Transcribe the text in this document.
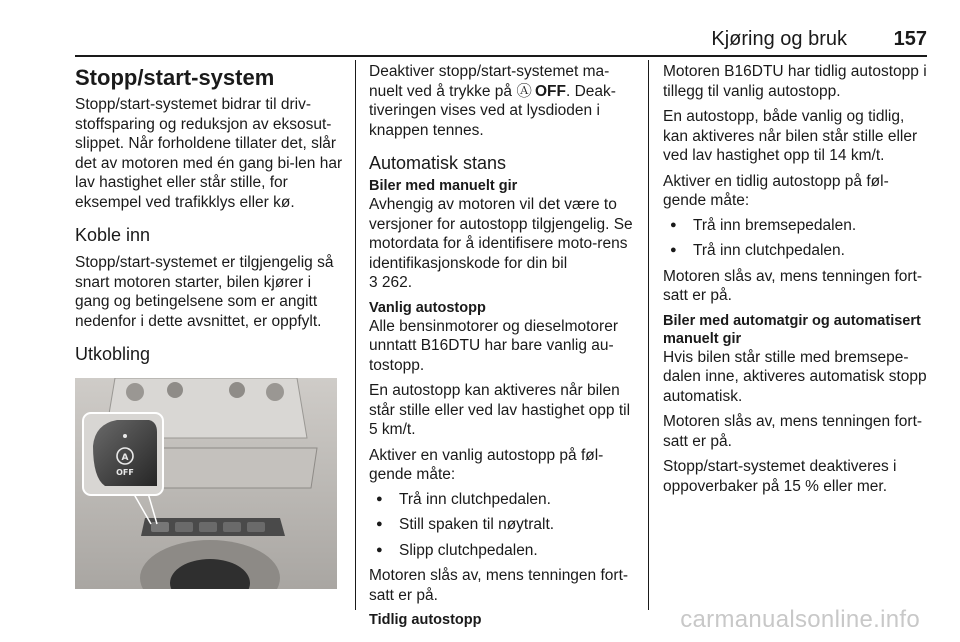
Kjøring og bruk 157
Stopp/start-system

Stopp/start-systemet bidrar til driv-stoffsparing og reduksjon av eksosut-slippet. Når forholdene tillater det, slår det av motoren med én gang bi-len har lav hastighet eller står stille, for eksempel ved trafikklys eller kø.

Koble inn

Stopp/start-systemet er tilgjengelig så snart motoren starter, bilen kjører i gang og betingelsene som er angitt nedenfor i dette avsnittet, er oppfylt.

Utkobling
A
OFF

Deaktiver stopp/start-systemet ma-nuelt ved å trykke på Ⓐ  OFF. Deak-tiveringen vises ved at lysdioden i knappen tennes.

Automatisk stans
Biler med manuelt gir

Avhengig av motoren vil det være to versjoner for autostopp tilgjengelig. Se motordata for å identifisere moto-rens identifikasjonskode for din bil

3 262.

Vanlig autostopp

Alle bensinmotorer og dieselmotorer unntatt B16DTU har bare vanlig au-tostopp.

En autostopp kan aktiveres når bilen står stille eller ved lav hastighet opp til 5 km/t.

Aktiver en vanlig autostopp på føl-gende måte:

● Trå inn clutchpedalen.
● Still spaken til nøytralt.
● Slipp clutchpedalen.

Motoren slås av, mens tenningen fort-satt er på.

Tidlig autostopp

Motoren B16DTU har tidlig autostopp i tillegg til vanlig autostopp.

En autostopp, både vanlig og tidlig, kan aktiveres når bilen står stille eller ved lav hastighet opp til 14 km/t.

Aktiver en tidlig autostopp på føl-gende måte:

● Trå inn bremsepedalen.
● Trå inn clutchpedalen.

Motoren slås av, mens tenningen fort-satt er på.

Biler med automatgir og automatisert manuelt gir

Hvis bilen står stille med bremsepe-dalen inne, aktiveres automatisk stopp automatisk.

Motoren slås av, mens tenningen fort-satt er på.

Stopp/start-systemet deaktiveres i oppoverbaker på 15 % eller mer.

carmanualsonline.info
